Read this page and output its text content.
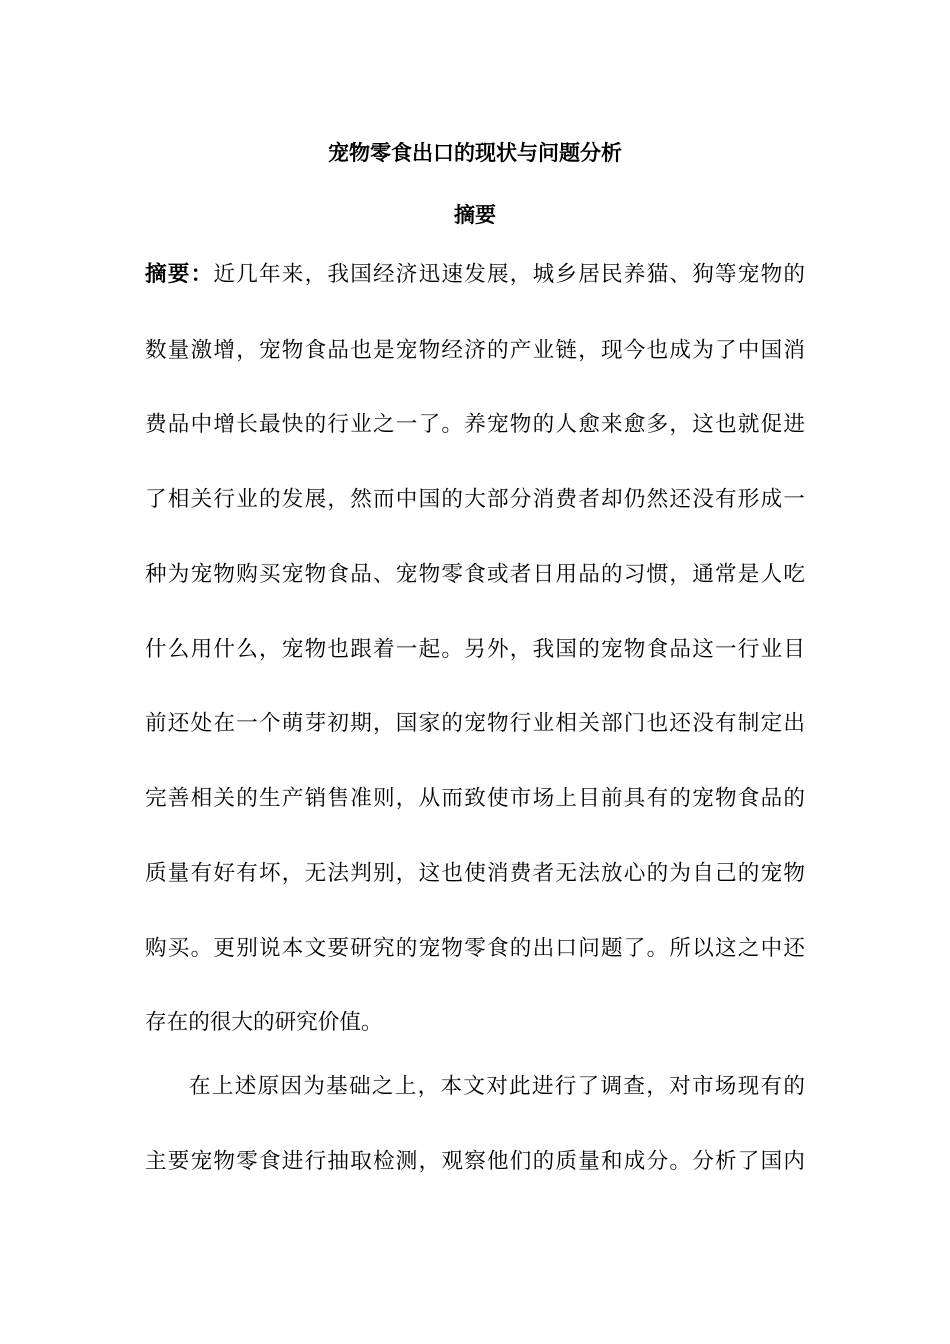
宠物零食出口的现状与问题分析
摘要
摘要：近几年来，我国经济迅速发展，城乡居民养猫、狗等宠物的
数量激增，宠物食品也是宠物经济的产业链，现今也成为了中国消
费品中增长最快的行业之一了。养宠物的人愈来愈多，这也就促进
了相关行业的发展，然而中国的大部分消费者却仍然还没有形成一
种为宠物购买宠物食品、宠物零食或者日用品的习惯，通常是人吃
什么用什么，宠物也跟着一起。另外，我国的宠物食品这一行业目
前还处在一个萌芽初期，国家的宠物行业相关部门也还没有制定出
完善相关的生产销售准则，从而致使市场上目前具有的宠物食品的
质量有好有坏，无法判别，这也使消费者无法放心的为自己的宠物
购买。更别说本文要研究的宠物零食的出口问题了。所以这之中还
存在的很大的研究价值。
在上述原因为基础之上，本文对此进行了调查，对市场现有的
主要宠物零食进行抽取检测，观察他们的质量和成分。分析了国内
